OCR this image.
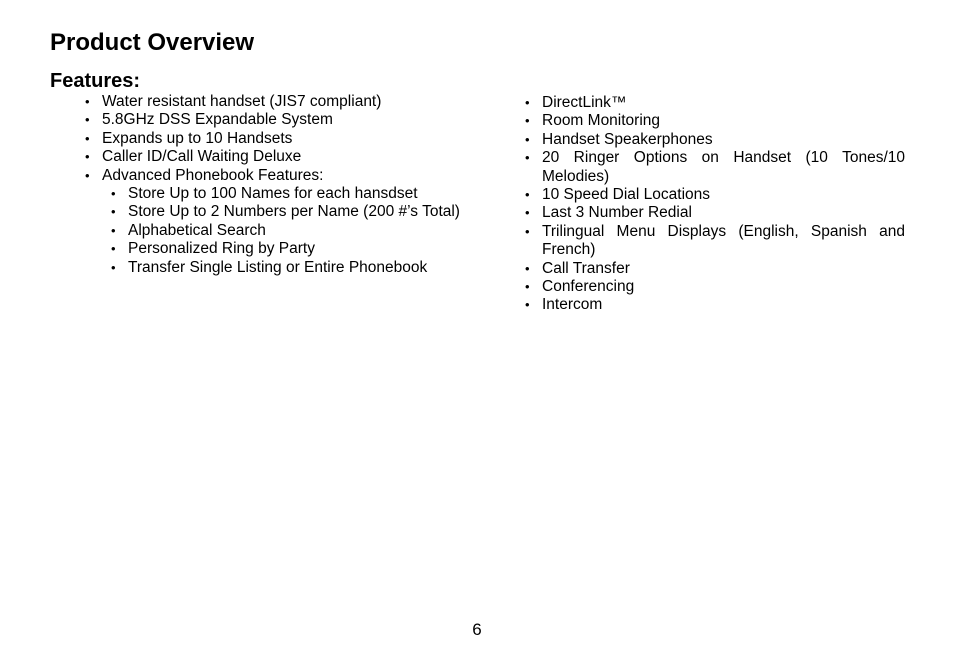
Product Overview
Features:
• Water resistant handset (JIS7 compliant)
• 5.8GHz DSS Expandable System
• Expands up to 10 Handsets
• Caller ID/Call Waiting Deluxe
• Advanced Phonebook Features:
• Store Up to 100 Names for each hansdset
• Store Up to 2 Numbers per Name (200 #’s Total)
• Alphabetical Search
• Personalized Ring by Party
• Transfer Single Listing or Entire Phonebook
• DirectLink™
• Room Monitoring
• Handset Speakerphones
• 20 Ringer Options on Handset (10 Tones/10 Melodies)
• 10 Speed Dial Locations
• Last 3 Number Redial
• Trilingual Menu Displays (English, Spanish and French)
• Call Transfer
• Conferencing
• Intercom
6
